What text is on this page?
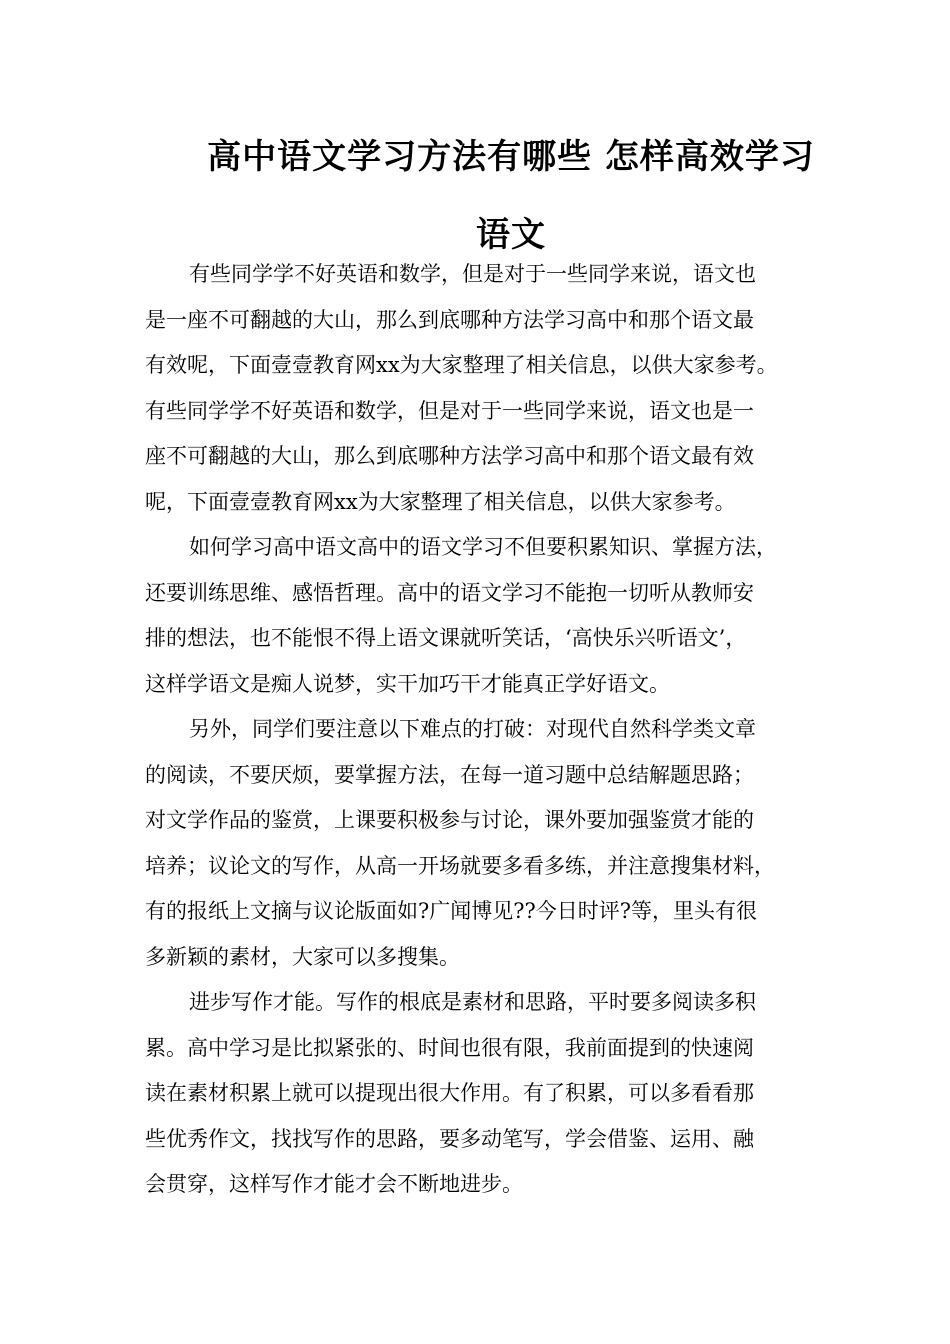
高中语文学习方法有哪些 怎样高效学习
语文
有些同学学不好英语和数学，但是对于一些同学来说，语文也
是一座不可翻越的大山，那么到底哪种方法学习高中和那个语文最
有效呢，下面壹壹教育网xx为大家整理了相关信息，以供大家参考。
有些同学学不好英语和数学，但是对于一些同学来说，语文也是一
座不可翻越的大山，那么到底哪种方法学习高中和那个语文最有效
呢，下面壹壹教育网xx为大家整理了相关信息，以供大家参考。
如何学习高中语文高中的语文学习不但要积累知识、掌握方法，
还要训练思维、感悟哲理。高中的语文学习不能抱一切听从教师安
排的想法，也不能恨不得上语文课就听笑话，‘高快乐兴听语文’，
这样学语文是痴人说梦，实干加巧干才能真正学好语文。
另外，同学们要注意以下难点的打破：对现代自然科学类文章
的阅读，不要厌烦，要掌握方法，在每一道习题中总结解题思路；
对文学作品的鉴赏，上课要积极参与讨论，课外要加强鉴赏才能的
培养；议论文的写作，从高一开场就要多看多练，并注意搜集材料，
有的报纸上文摘与议论版面如?广闻博见??今日时评?等，里头有很
多新颖的素材，大家可以多搜集。
进步写作才能。写作的根底是素材和思路，平时要多阅读多积
累。高中学习是比拟紧张的、时间也很有限，我前面提到的快速阅
读在素材积累上就可以提现出很大作用。有了积累，可以多看看那
些优秀作文，找找写作的思路，要多动笔写，学会借鉴、运用、融
会贯穿，这样写作才能才会不断地进步。
